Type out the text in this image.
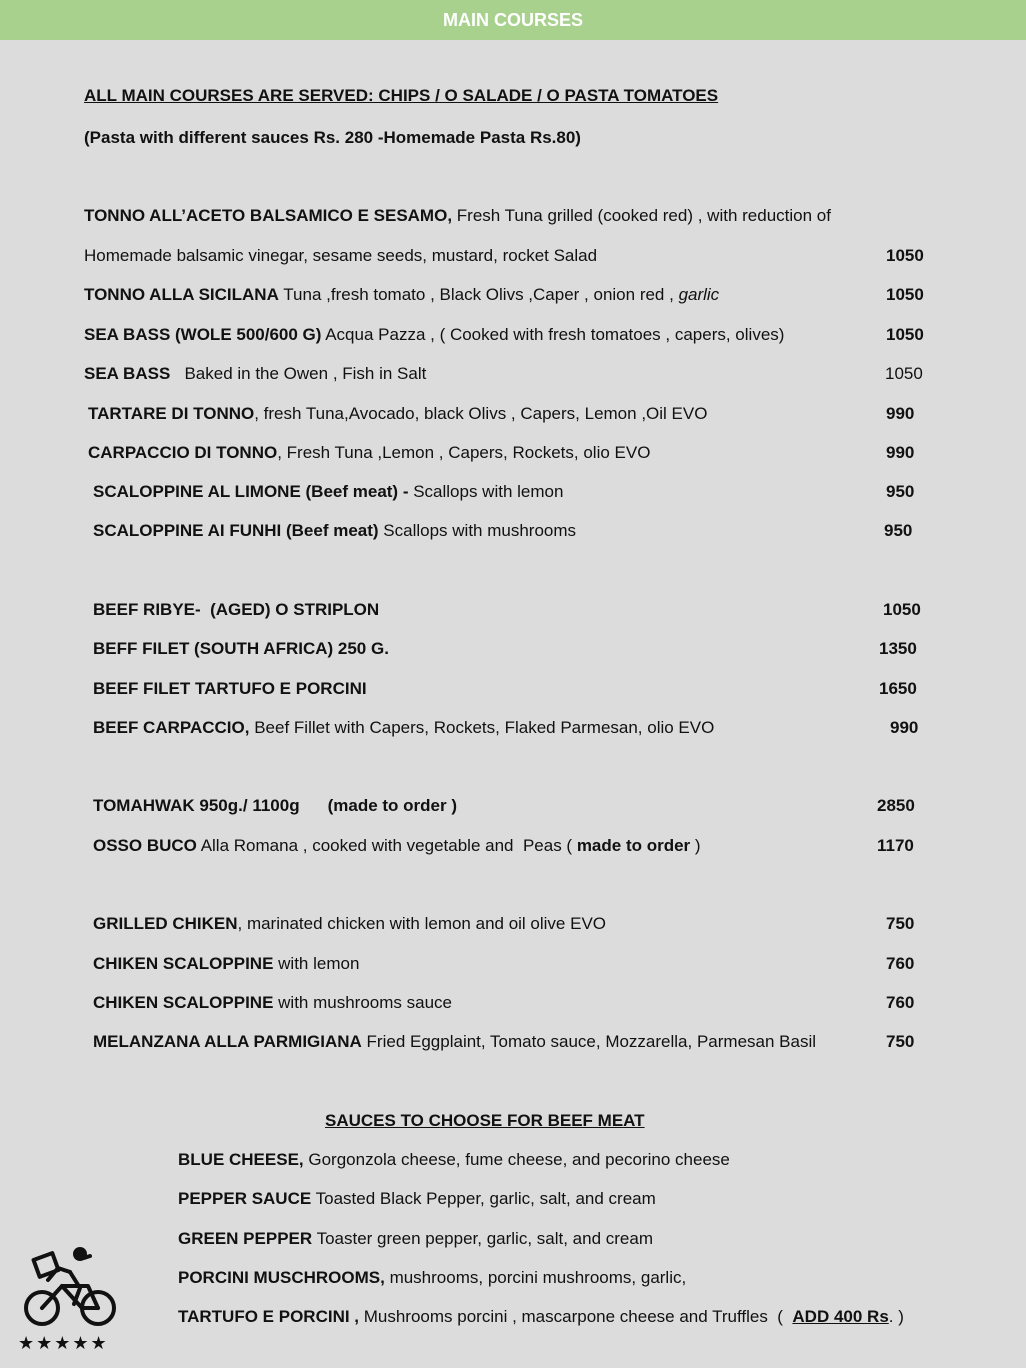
MAIN COURSES
ALL MAIN COURSES ARE SERVED: CHIPS / O SALADE / O PASTA TOMATOES
(Pasta with different sauces Rs. 280 -Homemade Pasta Rs.80)
TONNO ALL’ACETO BALSAMICO E SESAMO, Fresh Tuna grilled (cooked red) , with reduction of
Homemade balsamic vinegar, sesame seeds, mustard, rocket Salad	1050
TONNO ALLA SICILANA Tuna ,fresh tomato , Black Olivs ,Caper , onion red , garlic	1050
SEA BASS (WOLE 500/600 G) Acqua Pazza , ( Cooked with fresh tomatoes , capers, olives)	1050
SEA BASS   Baked in the Owen , Fish in Salt	1050
TARTARE DI TONNO, fresh Tuna,Avocado, black Olivs , Capers, Lemon ,Oil EVO	990
CARPACCIO DI TONNO, Fresh Tuna ,Lemon , Capers, Rockets, olio EVO	990
SCALOPPINE AL LIMONE (Beef meat) - Scallops with lemon	950
SCALOPPINE AI FUNHI (Beef meat) Scallops with mushrooms	950
BEEF RIBYE-  (AGED) O STRIPLON	1050
BEFF FILET (SOUTH AFRICA) 250 G.	1350
BEEF FILET TARTUFO E PORCINI	1650
BEEF CARPACCIO, Beef Fillet with Capers, Rockets, Flaked Parmesan, olio EVO	990
TOMAHWAK 950g./ 1100g (made to order )	2850
OSSO BUCO Alla Romana , cooked with vegetable and  Peas ( made to order )	1170
GRILLED CHIKEN, marinated chicken with lemon and oil olive EVO	750
CHIKEN SCALOPPINE with lemon	760
CHIKEN SCALOPPINE with mushrooms sauce	760
MELANZANA ALLA PARMIGIANA Fried Eggplaint, Tomato sauce, Mozzarella, Parmesan Basil	750
SAUCES TO CHOOSE FOR BEEF MEAT
BLUE CHEESE, Gorgonzola cheese, fume cheese, and pecorino cheese
PEPPER SAUCE Toasted Black Pepper, garlic, salt, and cream
GREEN PEPPER Toaster green pepper, garlic, salt, and cream
PORCINI MUSCHROOMS, mushrooms, porcini mushrooms, garlic,
TARTUFO E PORCINI , Mushrooms porcini , mascarpone cheese and Truffles  (  ADD 400 Rs. )
★★★★★
